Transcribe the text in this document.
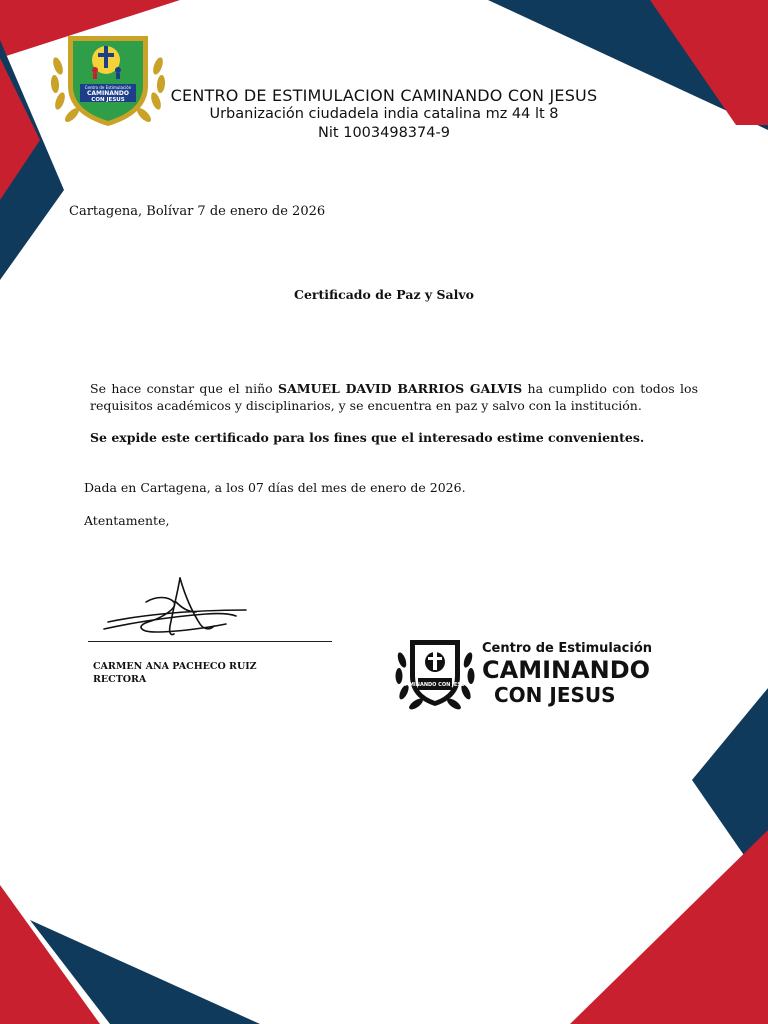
Centro de Estimulación
CAMINANDO
CON JESUS	CENTRO DE ESTIMULACION CAMINANDO CON JESUS
Urbanización ciudadela india catalina mz 44 lt 8
Nit 1003498374-9
Cartagena, Bolívar 7 de enero de 2026
Certificado de Paz y Salvo
Se hace constar que el niño SAMUEL DAVID BARRIOS GALVIS ha cumplido con todos los requisitos académicos y disciplinarios, y se encuentra en paz y salvo con la institución.
Se expide este certificado para los fines que el interesado estime convenientes.
Dada en Cartagena, a los 07 días del mes de enero de 2026.
Atentamente,
CARMEN ANA PACHECO RUIZ
RECTORA	CAMINANDO CON JESUS
Centro de Estimulación
CAMINANDO
CON JESUS
